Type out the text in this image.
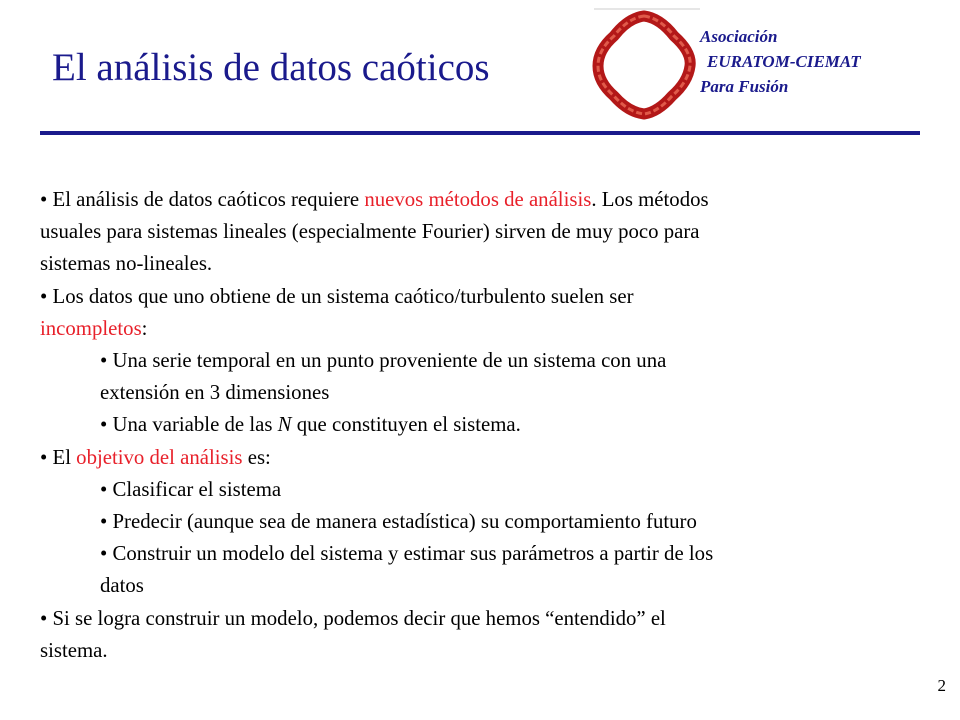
El análisis de datos caóticos
Asociación
EURATOM-CIEMAT
Para Fusión
• El análisis de datos caóticos requiere nuevos métodos de análisis. Los métodos
usuales para sistemas lineales (especialmente Fourier) sirven de muy poco para
sistemas no-lineales.
• Los datos que uno obtiene de un sistema caótico/turbulento suelen ser
incompletos:
• Una serie temporal en un punto proveniente de un sistema con una
extensión en 3 dimensiones
• Una variable de las N que constituyen el sistema.
• El objetivo del análisis es:
• Clasificar el sistema
• Predecir (aunque sea de manera estadística) su comportamiento futuro
• Construir un modelo del sistema y estimar sus parámetros a partir de los
datos
• Si se logra construir un modelo, podemos decir que hemos “entendido” el
sistema.
2
